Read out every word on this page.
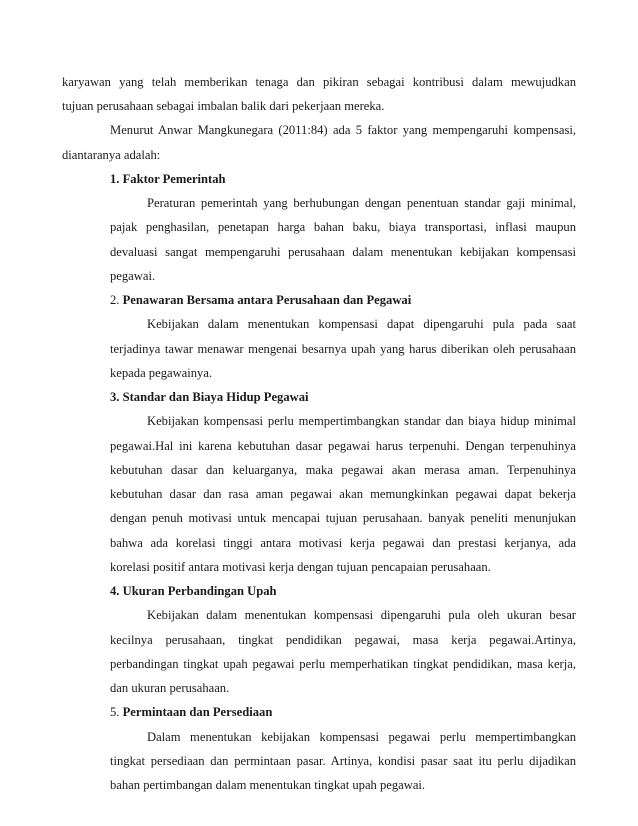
karyawan yang telah memberikan tenaga dan pikiran sebagai kontribusi dalam mewujudkan
tujuan perusahaan sebagai imbalan balik dari pekerjaan mereka.
Menurut Anwar Mangkunegara (2011:84) ada 5 faktor yang mempengaruhi kompensasi,
diantaranya adalah:
1. Faktor Pemerintah
Peraturan pemerintah yang berhubungan dengan penentuan standar gaji minimal,
pajak penghasilan, penetapan harga bahan baku, biaya transportasi, inflasi maupun
devaluasi sangat mempengaruhi perusahaan dalam menentukan kebijakan kompensasi
pegawai.
2. Penawaran Bersama antara Perusahaan dan Pegawai
Kebijakan dalam menentukan kompensasi dapat dipengaruhi pula pada saat
terjadinya tawar menawar mengenai besarnya upah yang harus diberikan oleh perusahaan
kepada pegawainya.
3. Standar dan Biaya Hidup Pegawai
Kebijakan kompensasi perlu mempertimbangkan standar dan biaya hidup minimal
pegawai.Hal ini karena kebutuhan dasar pegawai harus terpenuhi. Dengan terpenuhinya
kebutuhan dasar dan keluarganya, maka pegawai akan merasa aman. Terpenuhinya
kebutuhan dasar dan rasa aman pegawai akan memungkinkan pegawai dapat bekerja
dengan penuh motivasi untuk mencapai tujuan perusahaan. banyak peneliti menunjukan
bahwa ada korelasi tinggi antara motivasi kerja pegawai dan prestasi kerjanya, ada
korelasi positif antara motivasi kerja dengan tujuan pencapaian perusahaan.
4. Ukuran Perbandingan Upah
Kebijakan dalam menentukan kompensasi dipengaruhi pula oleh ukuran besar
kecilnya perusahaan, tingkat pendidikan pegawai, masa kerja pegawai.Artinya,
perbandingan tingkat upah pegawai perlu memperhatikan tingkat pendidikan, masa kerja,
dan ukuran perusahaan.
5. Permintaan dan Persediaan
Dalam menentukan kebijakan kompensasi pegawai perlu mempertimbangkan
tingkat persediaan dan permintaan pasar. Artinya, kondisi pasar saat itu perlu dijadikan
bahan pertimbangan dalam menentukan tingkat upah pegawai.
